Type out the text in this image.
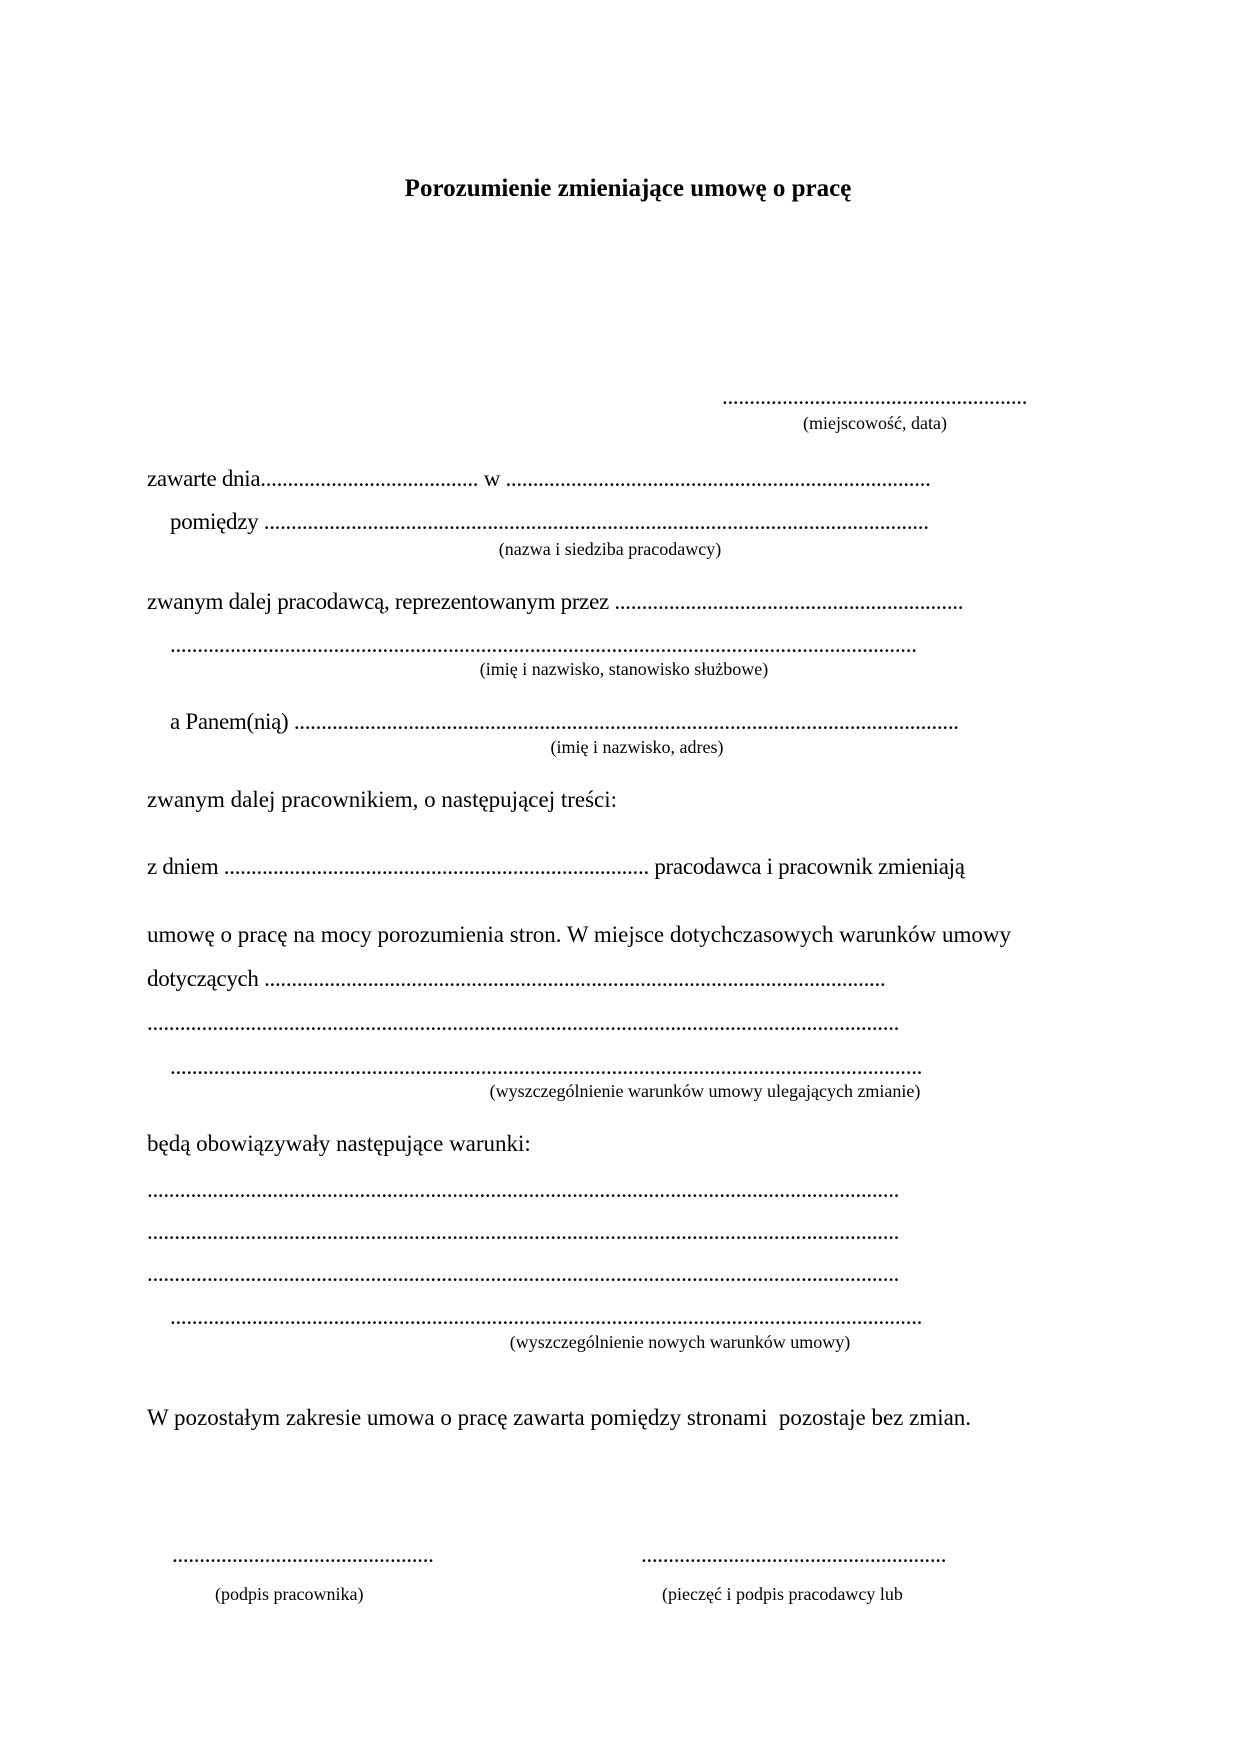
Porozumienie zmieniające umowę o pracę
........................................................
(miejscowość, data)
zawarte dnia........................................ w ..............................................................................
pomiędzy ..........................................................................................................................
(nazwa i siedziba pracodawcy)
zwanym dalej pracodawcą, reprezentowanym przez ................................................................
.........................................................................................................................................
(imię i nazwisko, stanowisko służbowe)
a Panem(nią) ..........................................................................................................................
(imię i nazwisko, adres)
zwanym dalej pracownikiem, o następującej treści:
z dniem .............................................................................. pracodawca i pracownik zmieniają
umowę o pracę na mocy porozumienia stron. W miejsce dotychczasowych warunków umowy
dotyczących ..................................................................................................................
..........................................................................................................................................
..........................................................................................................................................
(wyszczególnienie warunków umowy ulegających zmianie)
będą obowiązywały następujące warunki:
..........................................................................................................................................
..........................................................................................................................................
..........................................................................................................................................
..........................................................................................................................................
(wyszczególnienie nowych warunków umowy)
W pozostałym zakresie umowa o pracę zawarta pomiędzy stronami  pozostaje bez zmian.
................................................	........................................................
(podpis pracownika)	(pieczęć i podpis pracodawcy lub
